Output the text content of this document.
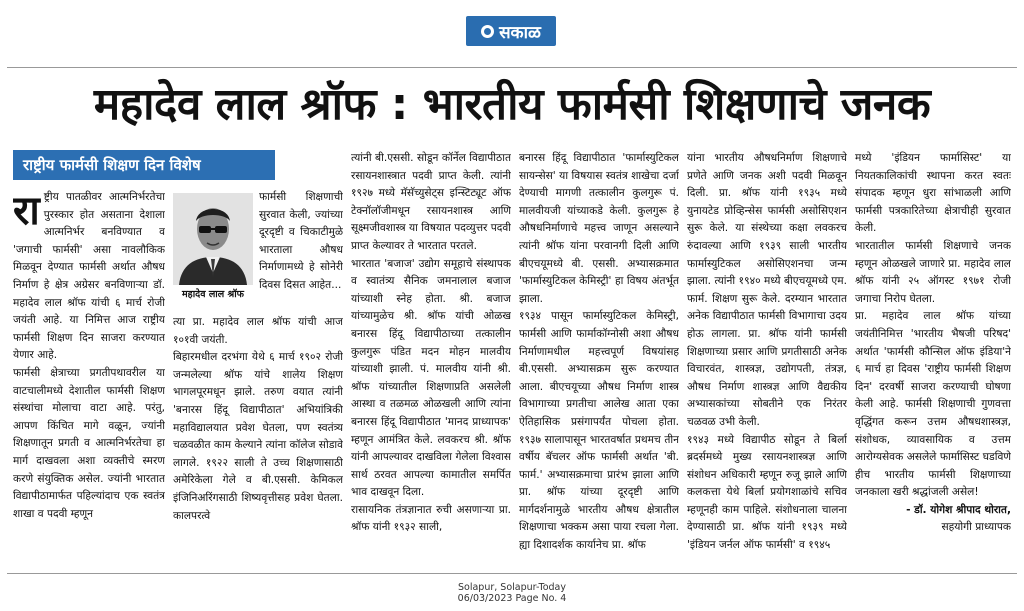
सकाळ
महादेव लाल श्रॉफ : भारतीय फार्मसी शिक्षणाचे जनक
राष्ट्रीय फार्मसी शिक्षण दिन विशेष
रा ष्ट्रीय पातळीवर आत्मनिर्भरतेचा पुरस्कार होत असताना देशाला आत्मनिर्भर बनविण्यात व 'जगाची फार्मसी' असा नावलौकिक मिळवून देण्यात फार्मसी अर्थात औषध निर्माण हे क्षेत्र अग्रेसर बनविणाऱ्या डॉ. महादेव लाल श्रॉफ यांची ६ मार्च रोजी जयंती आहे. या निमित्त आज राष्ट्रीय फार्मसी शिक्षण दिन साजरा करण्यात येणार आहे.

फार्मसी क्षेत्राच्या प्रगतीपथावरील या वाटचालीमध्ये देशातील फार्मसी शिक्षण संस्थांचा मोलाचा वाटा आहे. परंतु, आपण किंचित मागे वळून, ज्यांनी शिक्षणातून प्रगती व आत्मनिर्भरतेचा हा मार्ग दाखवला अशा व्यक्तीचे स्मरण करणे संयुक्तिक असेल. ज्यांनी भारतात विद्यापीठामार्फत पहिल्यांदाच एक स्वतंत्र शाखा व पदवी म्हणून

महादेव लाल श्रॉफ

फार्मसी शिक्षणाची सुरवात केली, ज्यांच्या दूरदृष्टी व चिकाटीमुळे भारताला औषध निर्माणामध्ये हे सोनेरी दिवस दिसत आहेत...

त्या प्रा. महादेव लाल श्रॉफ यांची आज १०१वी जयंती.

बिहारमधील दरभंगा येथे ६ मार्च १९०२ रोजी जन्मलेल्या श्रॉफ यांचे शालेय शिक्षण भागलपूरमधून झाले. तरुण वयात त्यांनी 'बनारस हिंदू विद्यापीठात' अभियांत्रिकी महाविद्यालयात प्रवेश घेतला, पण स्वतंत्र्य चळवळीत काम केल्याने त्यांना कॉलेज सोडावे लागले. १९२२ साली ते उच्च शिक्षणासाठी अमेरिकेला गेले व बी.एससी. केमिकल इंजिनिअरिंगसाठी शिष्यवृत्तीसह प्रवेश घेतला. कालपरत्वे

त्यांनी बी.एससी. सोडून कॉर्नेल विद्यापीठात रसायनशास्त्रात पदवी प्राप्त केली. त्यांनी १९२७ मध्ये मॅसॅच्युसेट्स इन्स्टिट्यूट ऑफ टेक्नॉलॉजीमधून रसायनशास्त्र आणि सूक्ष्मजीवशास्त्र या विषयात पदव्युत्तर पदवी प्राप्त केल्यावर ते भारतात परतले.

भारतात 'बजाज' उद्योग समूहाचे संस्थापक व स्वातंत्र्य सैनिक जमनालाल बजाज यांच्याशी स्नेह होता. श्री. बजाज यांच्यामुळेच श्री. श्रॉफ यांची ओळख बनारस हिंदू विद्यापीठाच्या तत्कालीन कुलगुरू पंडित मदन मोहन मालवीय यांच्याशी झाली. पं. मालवीय यांनी श्री. श्रॉफ यांच्यातील शिक्षणाप्रति असलेली आस्था व तळमळ ओळखली आणि त्यांना बनारस हिंदू विद्यापीठात 'मानद प्राध्यापक' म्हणून आमंत्रित केले. लवकरच श्री. श्रॉफ यांनी आपल्यावर दाखविला गेलेला विश्वास सार्थ ठरवत आपल्या कामातील समर्पित भाव दाखवून दिला.

रासायनिक तंत्रज्ञानात रुची असणाऱ्या प्रा. श्रॉफ यांनी १९३२ साली,

बनारस हिंदू विद्यापीठात 'फार्मास्युटिकल सायन्सेस' या विषयास स्वतंत्र शाखेचा दर्जा देण्याची मागणी तत्कालीन कुलगुरू पं. मालवीयजी यांच्याकडे केली. कुलगुरू हे औषधनिर्माणाचे महत्त्व जाणून असल्याने त्यांनी श्रॉफ यांना परवानगी दिली आणि बीएचयूमध्ये बी. एससी. अभ्यासक्रमात 'फार्मास्युटिकल केमिस्ट्री' हा विषय अंतर्भूत झाला.

१९३४ पासून फार्मास्युटिकल केमिस्ट्री, फार्मसी आणि फार्माकॉग्नोसी अशा औषध निर्माणामधील महत्त्वपूर्ण विषयांसह बी.एससी. अभ्यासक्रम सुरू करण्यात आला. बीएचयूच्या औषध निर्माण शास्त्र विभागाच्या प्रगतीचा आलेख आता एका ऐतिहासिक प्रसंगापर्यंत पोचला होता. १९३७ सालापासून भारतवर्षात प्रथमच तीन वर्षीय बॅचलर ऑफ फार्मसी अर्थात 'बी. फार्म.' अभ्यासक्रमाचा प्रारंभ झाला आणि प्रा. श्रॉफ यांच्या दूरदृष्टी आणि मार्गदर्शनामुळे भारतीय औषध क्षेत्रातील शिक्षणाचा भक्कम असा पाया रचला गेला. ह्या दिशादर्शक कार्यानेच प्रा. श्रॉफ

यांना भारतीय औषधनिर्माण शिक्षणाचे प्रणेते आणि जनक अशी पदवी मिळवून दिली. प्रा. श्रॉफ यांनी १९३५ मध्ये युनायटेड प्रोव्हिन्सेस फार्मसी असोसिएशन सुरू केले. या संस्थेच्या कक्षा लवकरच रुंदावल्या आणि १९३९ साली भारतीय फार्मास्युटिकल असोसिएशनचा जन्म झाला. त्यांनी १९४० मध्ये बीएचयूमध्ये एम. फार्म. शिक्षण सुरू केले. दरम्यान भारतात अनेक विद्यापीठात फार्मसी विभागाचा उदय होऊ लागला. प्रा. श्रॉफ यांनी फार्मसी शिक्षणाच्या प्रसार आणि प्रगतीसाठी अनेक विचारवंत, शास्त्रज्ञ, उद्योगपती, तंत्रज्ञ, औषध निर्माण शास्त्रज्ञ आणि वैद्यकीय अभ्यासकांच्या सोबतीने एक निरंतर चळवळ उभी केली.

१९४३ मध्ये विद्यापीठ सोडून ते बिर्ला ब्रदर्समध्ये मुख्य रसायनशास्त्रज्ञ आणि संशोधन अधिकारी म्हणून रुजू झाले आणि कलकत्ता येथे बिर्ला प्रयोगशाळांचे सचिव म्हणूनही काम पाहिले. संशोधनाला चालना देण्यासाठी प्रा. श्रॉफ यांनी १९३९ मध्ये 'इंडियन जर्नल ऑफ फार्मसी' व १९४५

मध्ये 'इंडियन फार्मासिस्ट' या नियतकालिकांची स्थापना करत स्वतः संपादक म्हणून धुरा सांभाळली आणि फार्मसी पत्रकारितेच्या क्षेत्राचीही सुरवात केली.

भारतातील फार्मसी शिक्षणाचे जनक म्हणून ओळखले जाणारे प्रा. महादेव लाल श्रॉफ यांनी २५ ऑगस्ट १९७१ रोजी जगाचा निरोप घेतला.

प्रा. महादेव लाल श्रॉफ यांच्या जयंतीनिमित्त 'भारतीय भैषजी परिषद' अर्थात 'फार्मसी कौन्सिल ऑफ इंडिया'ने ६ मार्च हा दिवस 'राष्ट्रीय फार्मसी शिक्षण दिन' दरवर्षी साजरा करण्याची घोषणा केली आहे. फार्मसी शिक्षणाची गुणवत्ता वृद्धिंगत करून उत्तम औषधशास्त्रज्ञ, संशोधक, व्यावसायिक व उत्तम आरोग्यसेवक असलेले फार्मासिस्ट घडविणे हीच भारतीय फार्मसी शिक्षणाच्या जनकाला खरी श्रद्धांजली असेल!

- डॉ. योगेश श्रीपाद थोरात,

सहयोगी प्राध्यापक

Solapur, Solapur-Today
06/03/2023 Page No. 4
